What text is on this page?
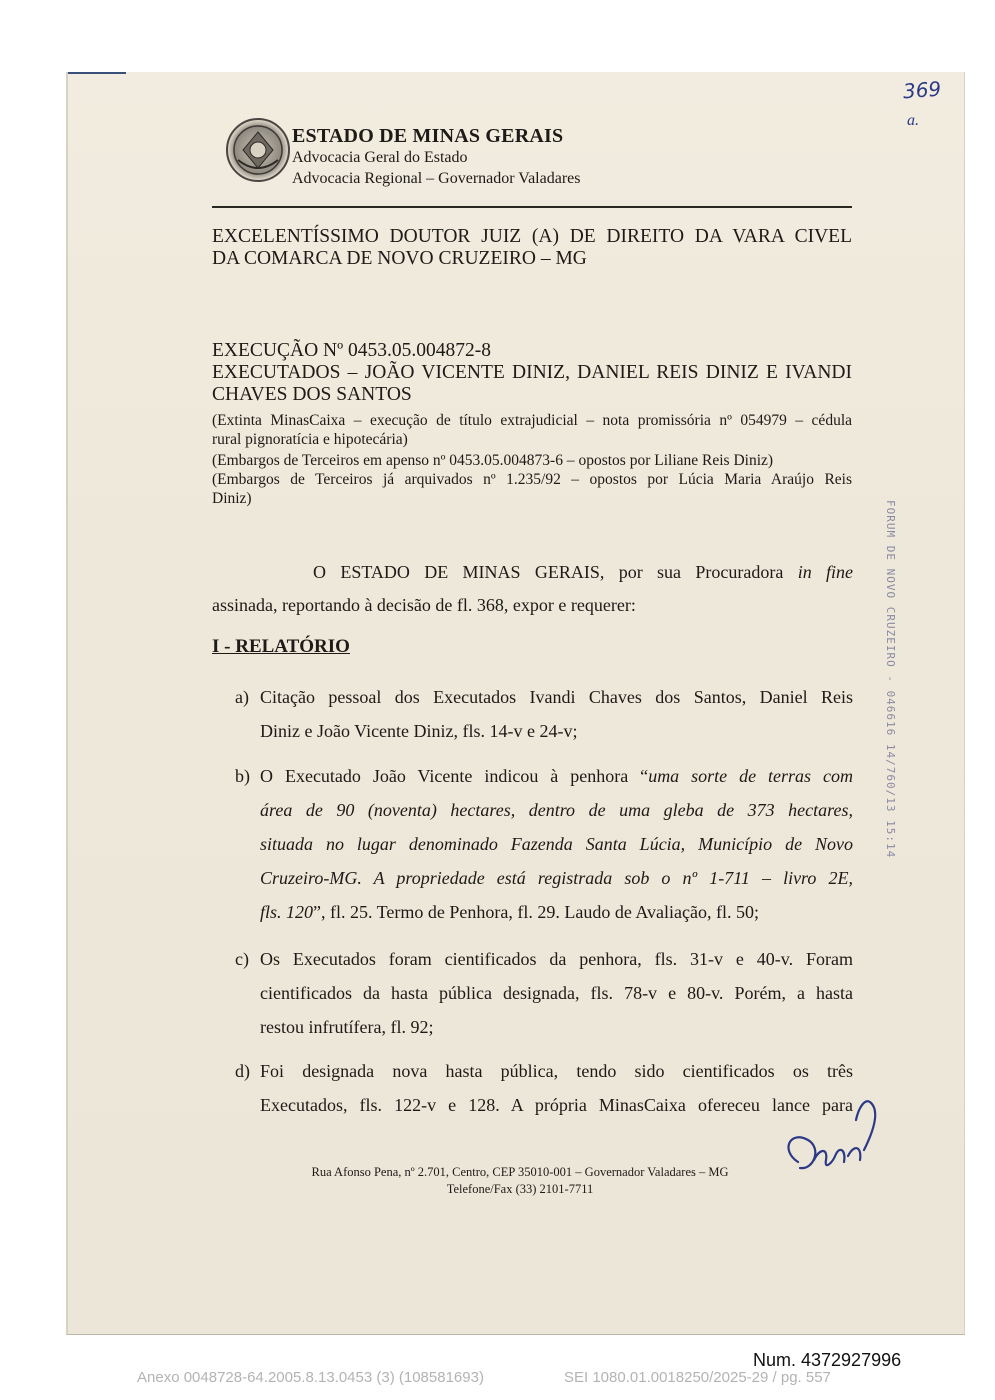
ESTADO DE MINAS GERAIS
Advocacia Geral do Estado
Advocacia Regional – Governador Valadares
369
a.
FORUM DE NOVO CRUZEIRO - 046616 14/760/13 15:14
EXCELENTÍSSIMO DOUTOR JUIZ (A) DE DIREITO DA VARA CIVEL
DA COMARCA DE NOVO CRUZEIRO – MG
EXECUÇÃO Nº 0453.05.004872-8
EXECUTADOS – JOÃO VICENTE DINIZ, DANIEL REIS DINIZ E IVANDI
CHAVES DOS SANTOS
(Extinta MinasCaixa – execução de título extrajudicial – nota promissória nº 054979 – cédula
rural pignoratícia e hipotecária)
(Embargos de Terceiros em apenso nº 0453.05.004873-6 – opostos por Liliane Reis Diniz)
(Embargos de Terceiros já arquivados nº 1.235/92 – opostos por Lúcia Maria Araújo Reis
Diniz)
O ESTADO DE MINAS GERAIS, por sua Procuradora in fine
assinada, reportando à decisão de fl. 368, expor e requerer:
I - RELATÓRIO
a) Citação pessoal dos Executados Ivandi Chaves dos Santos, Daniel Reis
Diniz e João Vicente Diniz, fls. 14-v e 24-v;
b) O Executado João Vicente indicou à penhora “uma sorte de terras com
área de 90 (noventa) hectares, dentro de uma gleba de 373 hectares,
situada no lugar denominado Fazenda Santa Lúcia, Município de Novo
Cruzeiro-MG. A propriedade está registrada sob o nº 1-711 – livro 2E,
fls. 120”, fl. 25. Termo de Penhora, fl. 29. Laudo de Avaliação, fl. 50;
c) Os Executados foram cientificados da penhora, fls. 31-v e 40-v. Foram
cientificados da hasta pública designada, fls. 78-v e 80-v. Porém, a hasta
restou infrutífera, fl. 92;
d) Foi designada nova hasta pública, tendo sido cientificados os três
Executados, fls. 122-v e 128. A própria MinasCaixa ofereceu lance para
Rua Afonso Pena, nº 2.701, Centro, CEP 35010-001 – Governador Valadares – MG
Telefone/Fax (33) 2101-7711
Num. 4372927996
Anexo 0048728-64.2005.8.13.0453 (3) (108581693)	SEI 1080.01.0018250/2025-29 / pg. 557
